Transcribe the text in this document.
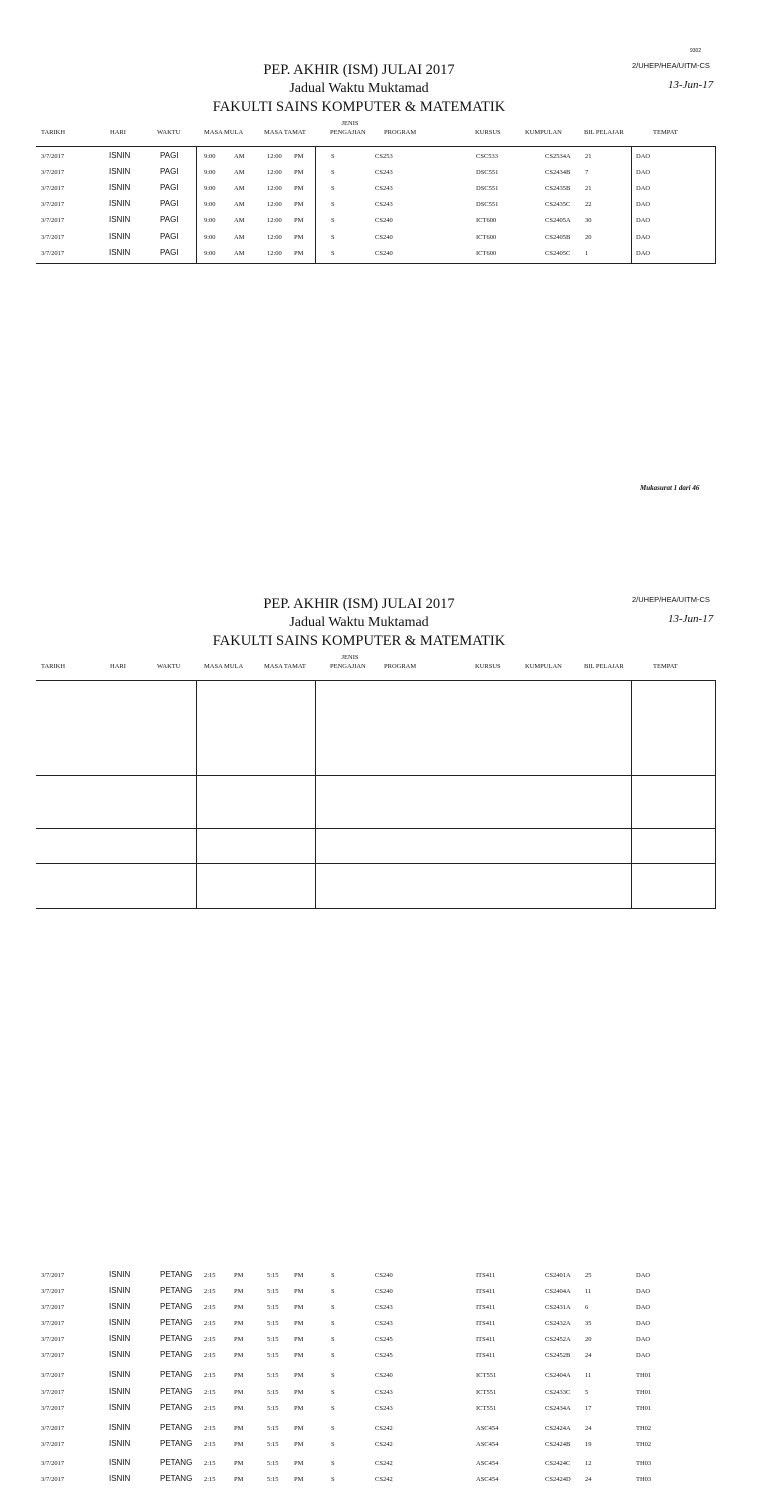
9302
2/UHEP/HEA/UITM-CS
13-Jun-17
PEP. AKHIR (ISM) JULAI 2017
Jadual Waktu Muktamad
FAKULTI SAINS KOMPUTER & MATEMATIK
TARIKH	HARI	WAKTU	MASA MULA	MASA TAMAT
JENIS
PENGAJIAN	PROGRAM	KURSUS	KUMPULAN	BIL PELAJAR	TEMPAT
3/7/2017	ISNIN	PAGI	9:00	AM	12:00 PM	S	CS253	CSC533	CS2534A 21	DAO
3/7/2017	ISNIN	PAGI	9:00	AM	12:00 PM	S	CS243	DSC551	CS2434B 7	DAO
3/7/2017	ISNIN	PAGI	9:00	AM	12:00 PM	S	CS243	DSC551	CS2435B 21	DAO
3/7/2017	ISNIN	PAGI	9:00	AM	12:00 PM	S	CS243	DSC551	CS2435C 22	DAO
3/7/2017	ISNIN	PAGI	9:00	AM	12:00 PM	S	CS240	ICT600	CS2405A 30	DAO
3/7/2017	ISNIN	PAGI	9:00	AM	12:00 PM	S	CS240	ICT600	CS2405B 20	DAO
3/7/2017	ISNIN	PAGI	9:00	AM	12:00 PM	S	CS240	ICT600	CS2405C 1	DAO
Mukasurat 1 dari 46
2/UHEP/HEA/UITM-CS
13-Jun-17
PEP. AKHIR (ISM) JULAI 2017
Jadual Waktu Muktamad
FAKULTI SAINS KOMPUTER & MATEMATIK
TARIKH	HARI	WAKTU	MASA MULA	MASA TAMAT
JENIS
PENGAJIAN	PROGRAM	KURSUS	KUMPULAN	BIL PELAJAR	TEMPAT
3/7/2017	ISNIN	PETANG 2:15	PM	5:15 PM	S	CS240	ITS411	CS2401A 25	DAO
3/7/2017	ISNIN	PETANG 2:15	PM	5:15 PM	S	CS240	ITS411	CS2404A 11	DAO
3/7/2017	ISNIN	PETANG 2:15	PM	5:15 PM	S	CS243	ITS411	CS2431A 6	DAO
3/7/2017	ISNIN	PETANG 2:15	PM	5:15 PM	S	CS243	ITS411	CS2432A 35	DAO
3/7/2017	ISNIN	PETANG 2:15	PM	5:15 PM	S	CS245	ITS411	CS2452A 20	DAO
3/7/2017	ISNIN	PETANG 2:15	PM	5:15 PM	S	CS245	ITS411	CS2452B 24	DAO
3/7/2017	ISNIN	PETANG 2:15	PM	5:15 PM	S	CS240	ICT551	CS2404A 11	TH01
3/7/2017	ISNIN	PETANG 2:15	PM	5:15 PM	S	CS243	ICT551	CS2433C 5	TH01
3/7/2017	ISNIN	PETANG 2:15	PM	5:15 PM	S	CS243	ICT551	CS2434A 17	TH01
3/7/2017	ISNIN	PETANG 2:15	PM	5:15 PM	S	CS242	ASC454	CS2424A 24	TH02
3/7/2017	ISNIN	PETANG 2:15	PM	5:15 PM	S	CS242	ASC454	CS2424B 19	TH02
3/7/2017	ISNIN	PETANG 2:15	PM	5:15 PM	S	CS242	ASC454	CS2424C 12	TH03
3/7/2017	ISNIN	PETANG 2:15	PM	5:15 PM	S	CS242	ASC454	CS2424D 24	TH03
